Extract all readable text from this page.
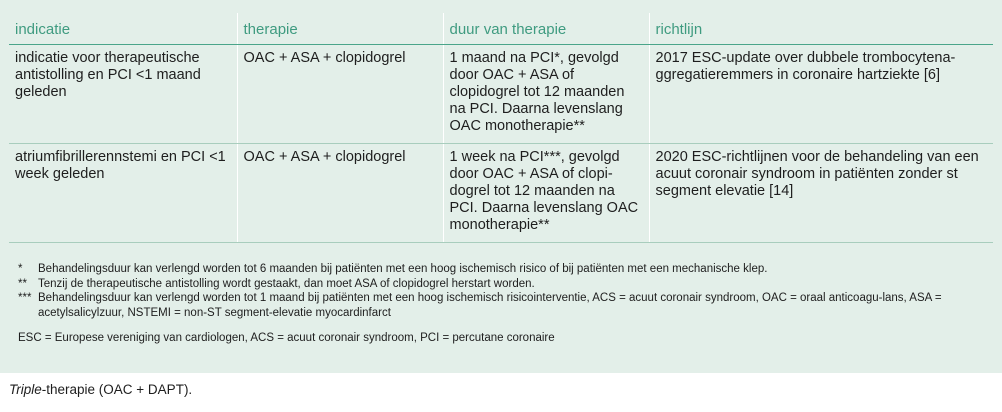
indicatie	therapie	duur van therapie	richtlijn
indicatie voor therapeutische antistolling en PCI <1 maand geleden	OAC + ASA + clopidogrel	1 maand na PCI*, gevolgd door OAC + ASA of clopidogrel tot 12 maanden na PCI. Daarna levenslang OAC monotherapie**	2017 ESC-update over dubbele trombocytena-ggregatieremmers in coronaire hartziekte [6]
atriumfibrillerennstemi en PCI <1 week geleden	OAC + ASA + clopidogrel	1 week na PCI***, gevolgd door OAC + ASA of clopi-dogrel tot 12 maanden na PCI. Daarna levenslang OAC monotherapie**	2020 ESC-richtlijnen voor de behandeling van een acuut coronair syndroom in patiënten zonder st segment elevatie [14]
*	Behandelingsduur kan verlengd worden tot 6 maanden bij patiënten met een hoog ischemisch risico of bij patiënten met een mechanische klep.
** Tenzij de therapeutische antistolling wordt gestaakt, dan moet ASA of clopidogrel herstart worden.
*** Behandelingsduur kan verlengd worden tot 1 maand bij patiënten met een hoog ischemisch risicointerventie, ACS = acuut coronair syndroom, OAC = oraal anticoagu-lans, ASA = acetylsalicylzuur, NSTEMI = non-ST segment-elevatie myocardinfarct
ESC = Europese vereniging van cardiologen, ACS = acuut coronair syndroom, PCI = percutane coronaire
Triple-therapie (OAC + DAPT).
